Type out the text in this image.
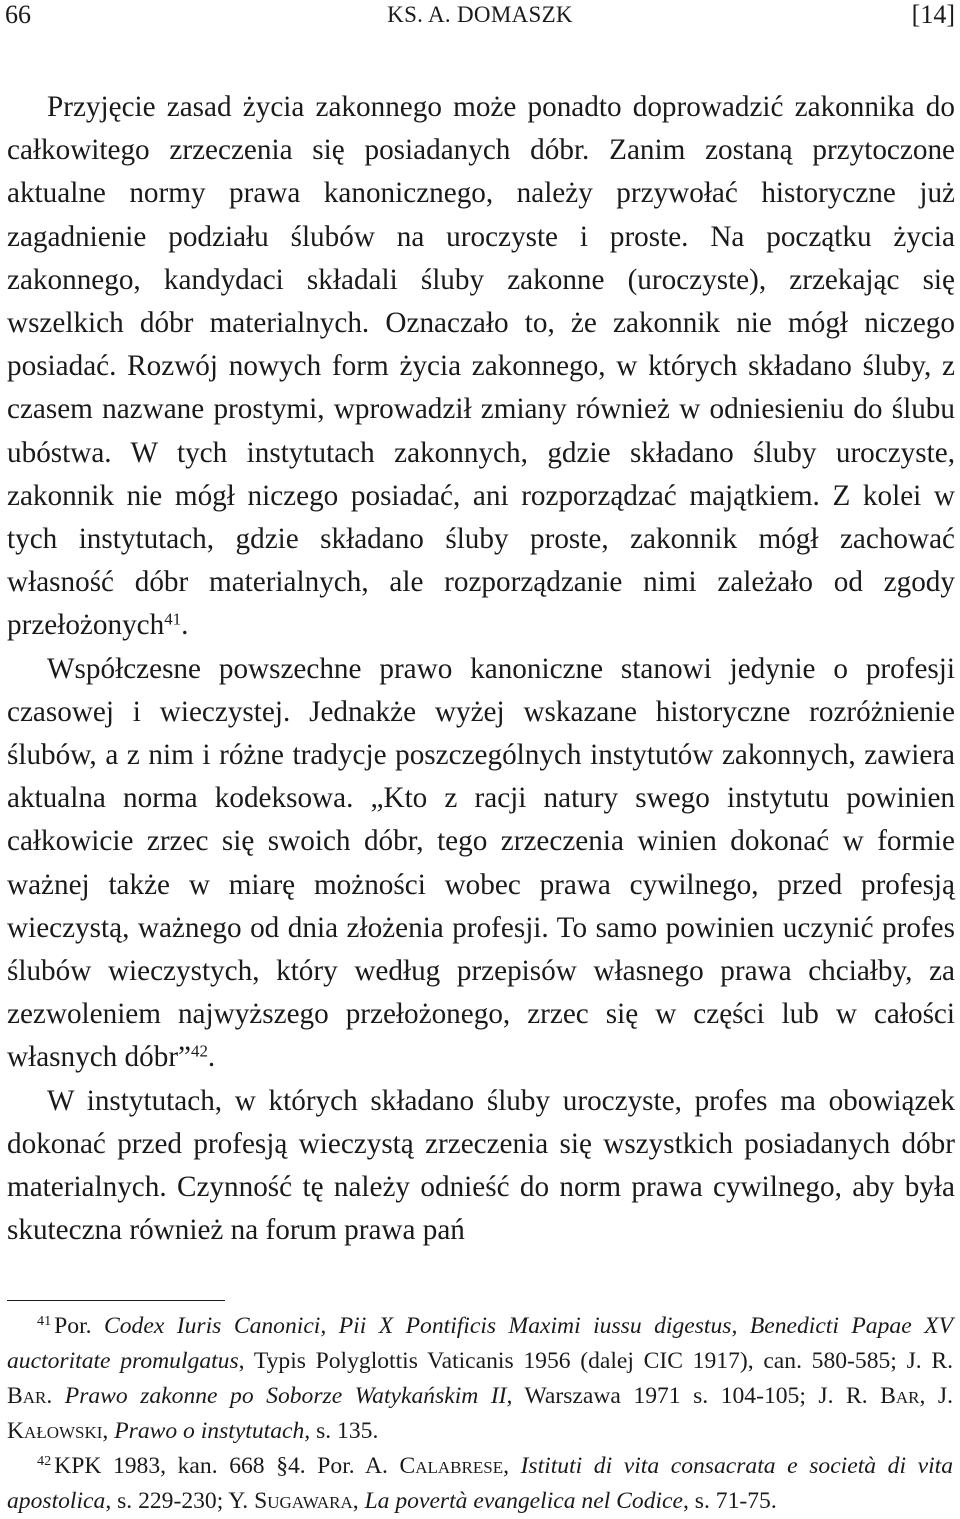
66	KS. A. DOMASZK	[14]

Przyjęcie zasad życia zakonnego może ponadto doprowadzić zakonnika do całkowitego zrzeczenia się posiadanych dóbr. Zanim zostaną przytoczone aktualne normy prawa kanonicznego, należy przywołać historyczne już zagadnienie podziału ślubów na uroczyste i proste. Na początku życia zakonnego, kandydaci składali śluby zakonne (uroczyste), zrzekając się wszelkich dóbr materialnych. Oznaczało to, że zakonnik nie mógł niczego posiadać. Rozwój nowych form życia zakonnego, w których składano śluby, z czasem nazwane prostymi, wprowadził zmiany również w odniesieniu do ślubu ubóstwa. W tych instytutach zakonnych, gdzie składano śluby uroczyste, zakonnik nie mógł niczego posiadać, ani rozporządzać majątkiem. Z kolei w tych instytutach, gdzie składano śluby proste, zakonnik mógł zachować własność dóbr materialnych, ale rozporządzanie nimi zależało od zgody przełożonych$^{41}$.

Współczesne powszechne prawo kanoniczne stanowi jedynie o profesji czasowej i wieczystej. Jednakże wyżej wskazane historyczne rozróżnienie ślubów, a z nim i różne tradycje poszczególnych instytutów zakonnych, zawiera aktualna norma kodeksowa. „Kto z racji natury swego instytutu powinien całkowicie zrzec się swoich dóbr, tego zrzeczenia winien dokonać w formie ważnej także w miarę możności wobec prawa cywilnego, przed profesją wieczystą, ważnego od dnia złożenia profesji. To samo powinien uczynić profes ślubów wieczystych, który według przepisów własnego prawa chciałby, za zezwoleniem najwyższego przełożonego, zrzec się w części lub w całości własnych dóbr”$^{42}$.

W instytutach, w których składano śluby uroczyste, profes ma obowiązek dokonać przed profesją wieczystą zrzeczenia się wszystkich posiadanych dóbr materialnych. Czynność tę należy odnieść do norm prawa cywilnego, aby była skuteczna również na forum prawa pań

$^{41}$ Por. Codex Iuris Canonici, Pii X Pontificis Maximi iussu digestus, Benedicti Papae XV auctoritate promulgatus, Typis Polyglottis Vaticanis 1956 (dalej CIC 1917), can. 580-585; J. R. Bar. Prawo zakonne po Soborze Watykańskim II, Warszawa 1971 s. 104-105; J. R. Bar, J. Kałowski, Prawo o instytutach, s. 135.

$^{42}$ KPK 1983, kan. 668 §4. Por. A. Calabrese, Istituti di vita consacrata e società di vita apostolica, s. 229-230; Y. Sugawara, La povertà evangelica nel Codice, s. 71-75.
